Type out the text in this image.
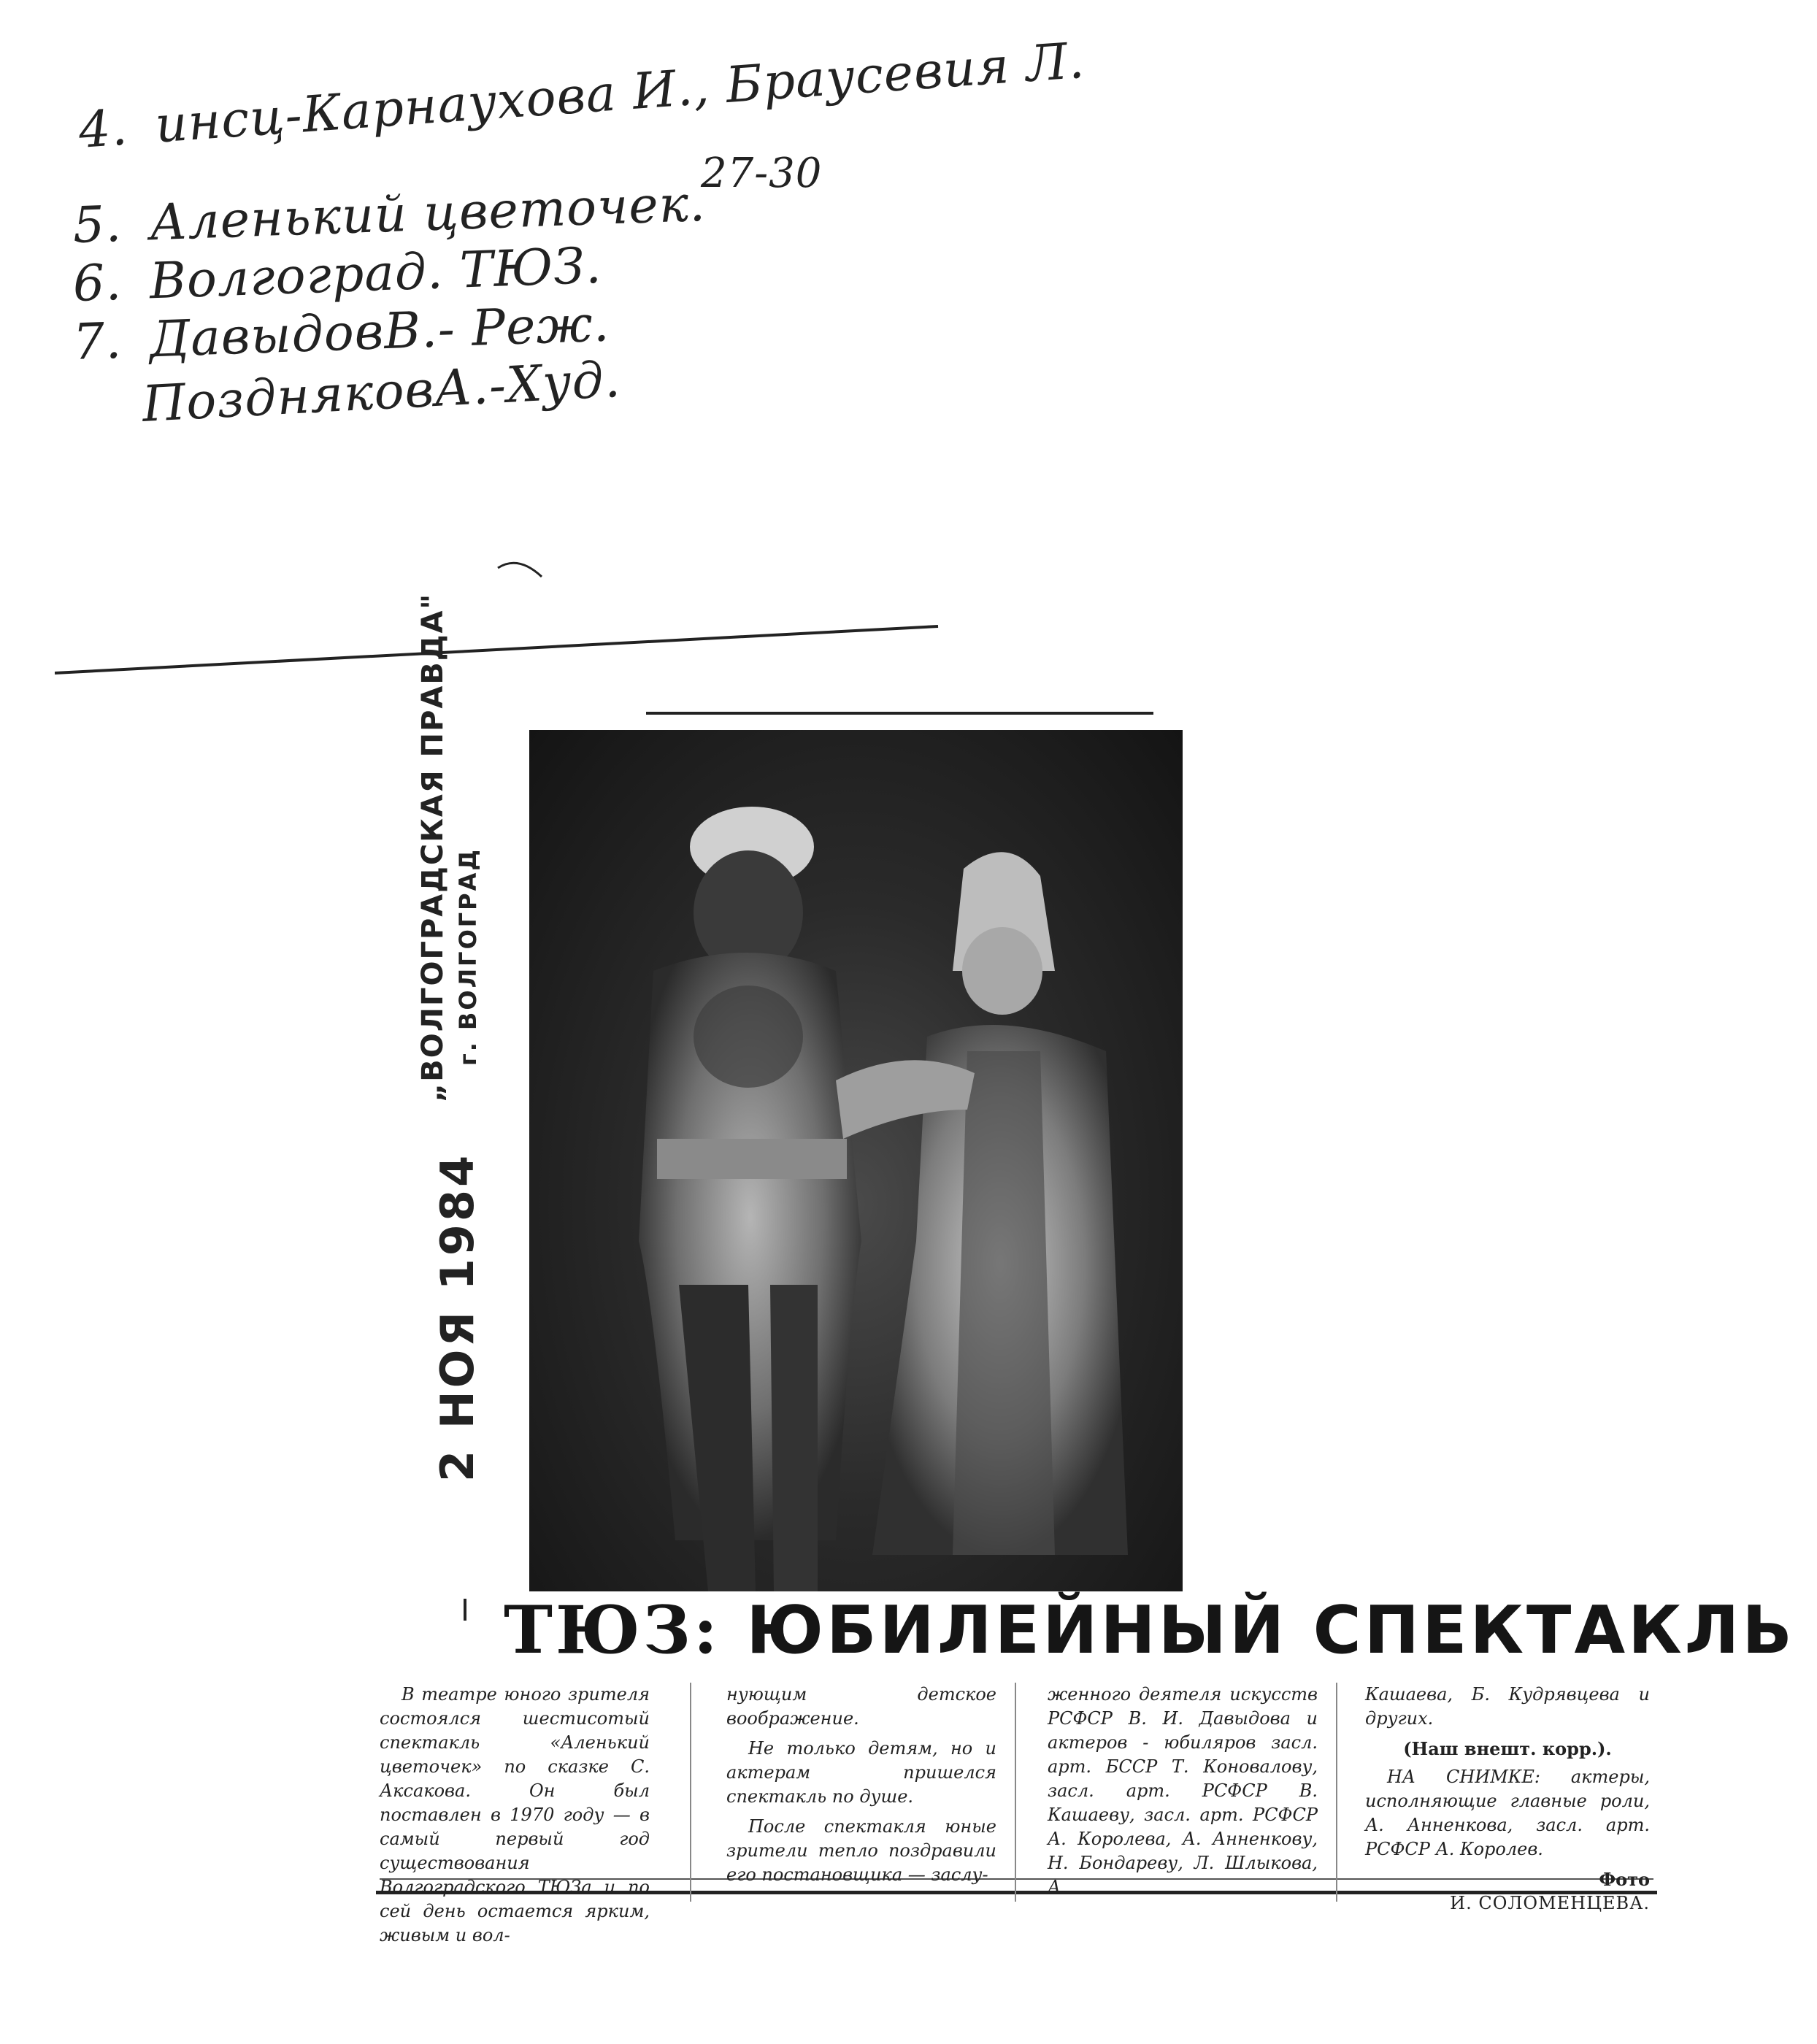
4. инсц-Карнаухова И., Браусевия Л.
27-30
5. Аленький цветочек.
6. Волгоград. ТЮЗ.
7. ДавыдовВ.- Реж.
ПоздняковА.-Худ.
„ВОЛГОГРАДСКАЯ ПРАВДА" г. ВОЛГОГРАД
2 НОЯ 1984
ТЮЗ: ЮБИЛЕЙНЫЙ СПЕКТАКЛЬ

В театре юного зрителя состоялся шестисотый спектакль «Аленький цветочек» по сказке С. Аксакова. Он был поставлен в 1970 году — в самый первый год существования Волгоградского ТЮЗа и по сей день остается ярким, живым и вол-

нующим детское воображение.

Не только детям, но и актерам пришелся спектакль по душе.

После спектакля юные зрители тепло поздравили его постановщика — заслу-

женного деятеля искусств РСФСР В. И. Давыдова и актеров - юбиляров засл. арт. БССР Т. Коновалову, засл. арт. РСФСР В. Кашаеву, засл. арт. РСФСР А. Королева, А. Анненкову, Н. Бондареву, Л. Шлыкова, А.

Кашаева, Б. Кудрявцева и других.

(Наш внешт. корр.).

НА СНИМКЕ: актеры, исполняющие главные роли, А. Анненкова, засл. арт. РСФСР А. Королев.

Фото

И. СОЛОМЕНЦЕВА.
